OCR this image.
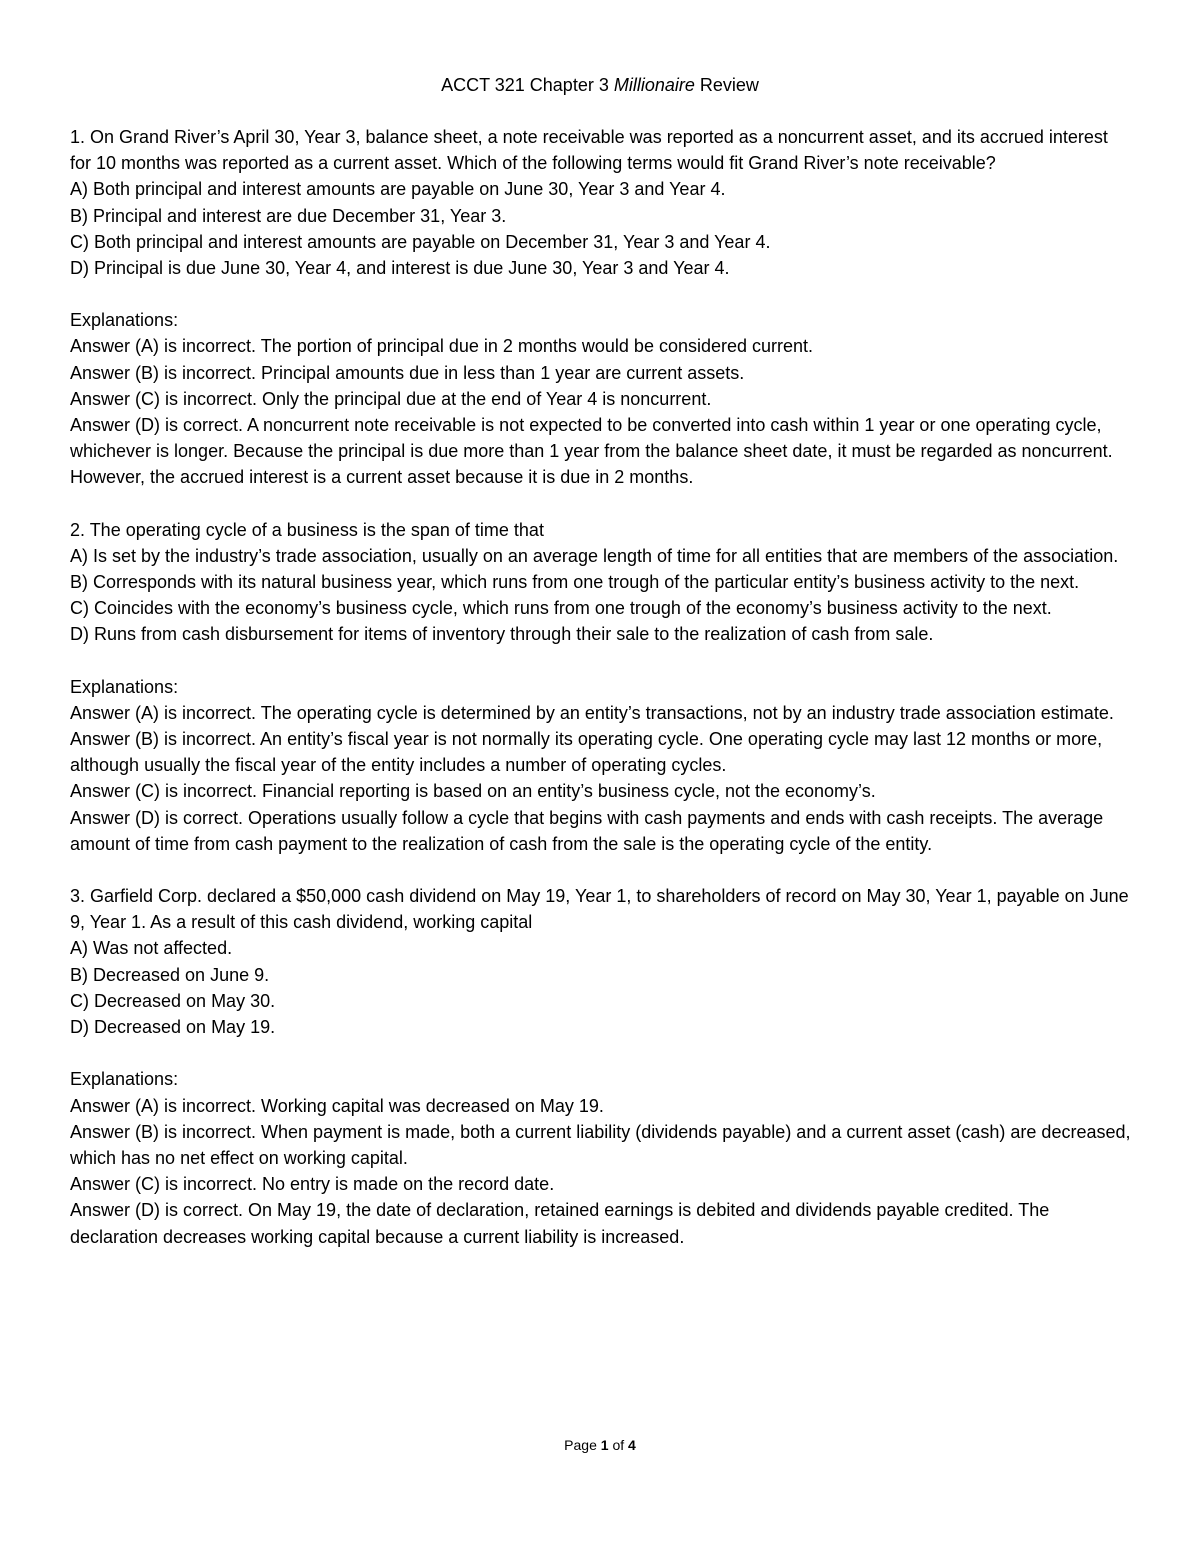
ACCT 321 Chapter 3 Millionaire Review

1. On Grand River’s April 30, Year 3, balance sheet, a note receivable was reported as a noncurrent asset, and its accrued interest for 10 months was reported as a current asset. Which of the following terms would fit Grand River’s note receivable?

A) Both principal and interest amounts are payable on June 30, Year 3 and Year 4.

B) Principal and interest are due December 31, Year 3.

C) Both principal and interest amounts are payable on December 31, Year 3 and Year 4.

D) Principal is due June 30, Year 4, and interest is due June 30, Year 3 and Year 4.

Explanations:

Answer (A) is incorrect. The portion of principal due in 2 months would be considered current.

Answer (B) is incorrect. Principal amounts due in less than 1 year are current assets.

Answer (C) is incorrect. Only the principal due at the end of Year 4 is noncurrent.

Answer (D) is correct. A noncurrent note receivable is not expected to be converted into cash within 1 year or one operating cycle, whichever is longer. Because the principal is due more than 1 year from the balance sheet date, it must be regarded as noncurrent. However, the accrued interest is a current asset because it is due in 2 months.

2. The operating cycle of a business is the span of time that

A) Is set by the industry’s trade association, usually on an average length of time for all entities that are members of the association.

B) Corresponds with its natural business year, which runs from one trough of the particular entity’s business activity to the next.

C) Coincides with the economy’s business cycle, which runs from one trough of the economy’s business activity to the next.

D) Runs from cash disbursement for items of inventory through their sale to the realization of cash from sale.

Explanations:

Answer (A) is incorrect. The operating cycle is determined by an entity’s transactions, not by an industry trade association estimate.

Answer (B) is incorrect. An entity’s fiscal year is not normally its operating cycle. One operating cycle may last 12 months or more, although usually the fiscal year of the entity includes a number of operating cycles.

Answer (C) is incorrect. Financial reporting is based on an entity’s business cycle, not the economy’s.

Answer (D) is correct. Operations usually follow a cycle that begins with cash payments and ends with cash receipts. The average amount of time from cash payment to the realization of cash from the sale is the operating cycle of the entity.

3. Garfield Corp. declared a $50,000 cash dividend on May 19, Year 1, to shareholders of record on May 30, Year 1, payable on June 9, Year 1. As a result of this cash dividend, working capital

A) Was not affected.

B) Decreased on June 9.

C) Decreased on May 30.

D) Decreased on May 19.

Explanations:

Answer (A) is incorrect. Working capital was decreased on May 19.

Answer (B) is incorrect. When payment is made, both a current liability (dividends payable) and a current asset (cash) are decreased, which has no net effect on working capital.

Answer (C) is incorrect. No entry is made on the record date.

Answer (D) is correct. On May 19, the date of declaration, retained earnings is debited and dividends payable credited. The declaration decreases working capital because a current liability is increased.

Page 1 of 4
